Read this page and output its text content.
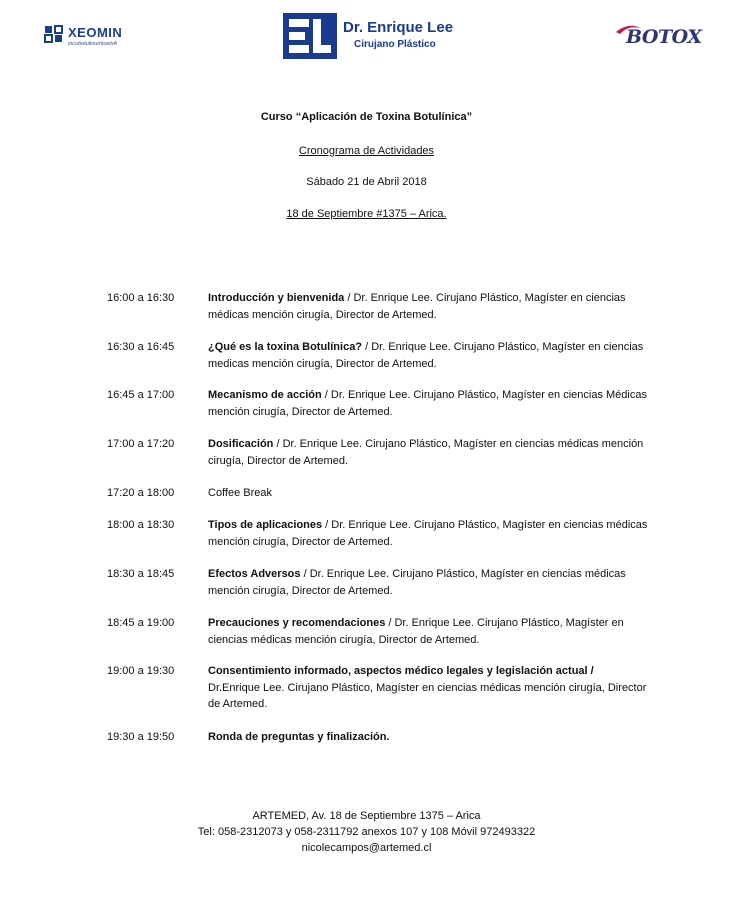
XEOMIN
incobotulinumtoxinA
Dr. Enrique Lee
Cirujano Plástico	BOTOX
Curso “Aplicación de Toxina Botulínica”
Cronograma de Actividades
Sábado 21 de Abril 2018
18 de Septiembre #1375 – Arica.
16:00 a 16:30	Introducción y bienvenida / Dr. Enrique Lee. Cirujano Plástico, Magíster en ciencias médicas mención cirugía, Director de Artemed.
16:30 a 16:45	¿Qué es la toxina Botulínica? / Dr. Enrique Lee. Cirujano Plástico, Magíster en ciencias medicas mención cirugía, Director de Artemed.
16:45 a 17:00	Mecanismo de acción / Dr. Enrique Lee. Cirujano Plástico, Magíster en ciencias Médicas mención cirugía, Director de Artemed.
17:00 a 17:20	Dosificación / Dr. Enrique Lee. Cirujano Plástico, Magíster en ciencias médicas mención cirugía, Director de Artemed.
17:20 a 18:00	Coffee Break
18:00 a 18:30	Tipos de aplicaciones / Dr. Enrique Lee. Cirujano Plástico, Magíster en ciencias médicas mención cirugía, Director de Artemed.
18:30 a 18:45	Efectos Adversos / Dr. Enrique Lee. Cirujano Plástico, Magíster en ciencias médicas mención cirugía, Director de Artemed.
18:45 a 19:00	Precauciones y recomendaciones / Dr. Enrique Lee. Cirujano Plástico, Magíster en ciencias médicas mención cirugía, Director de Artemed.
19:00 a 19:30	Consentimiento informado, aspectos médico legales y legislación actual / Dr.Enrique Lee. Cirujano Plástico, Magíster en ciencias médicas mención cirugía, Director de Artemed.
19:30 a 19:50	Ronda de preguntas y finalización.
ARTEMED, Av. 18 de Septiembre 1375 – Arica
Tel: 058-2312073 y 058-2311792 anexos 107 y 108 Móvil 972493322
nicolecampos@artemed.cl
